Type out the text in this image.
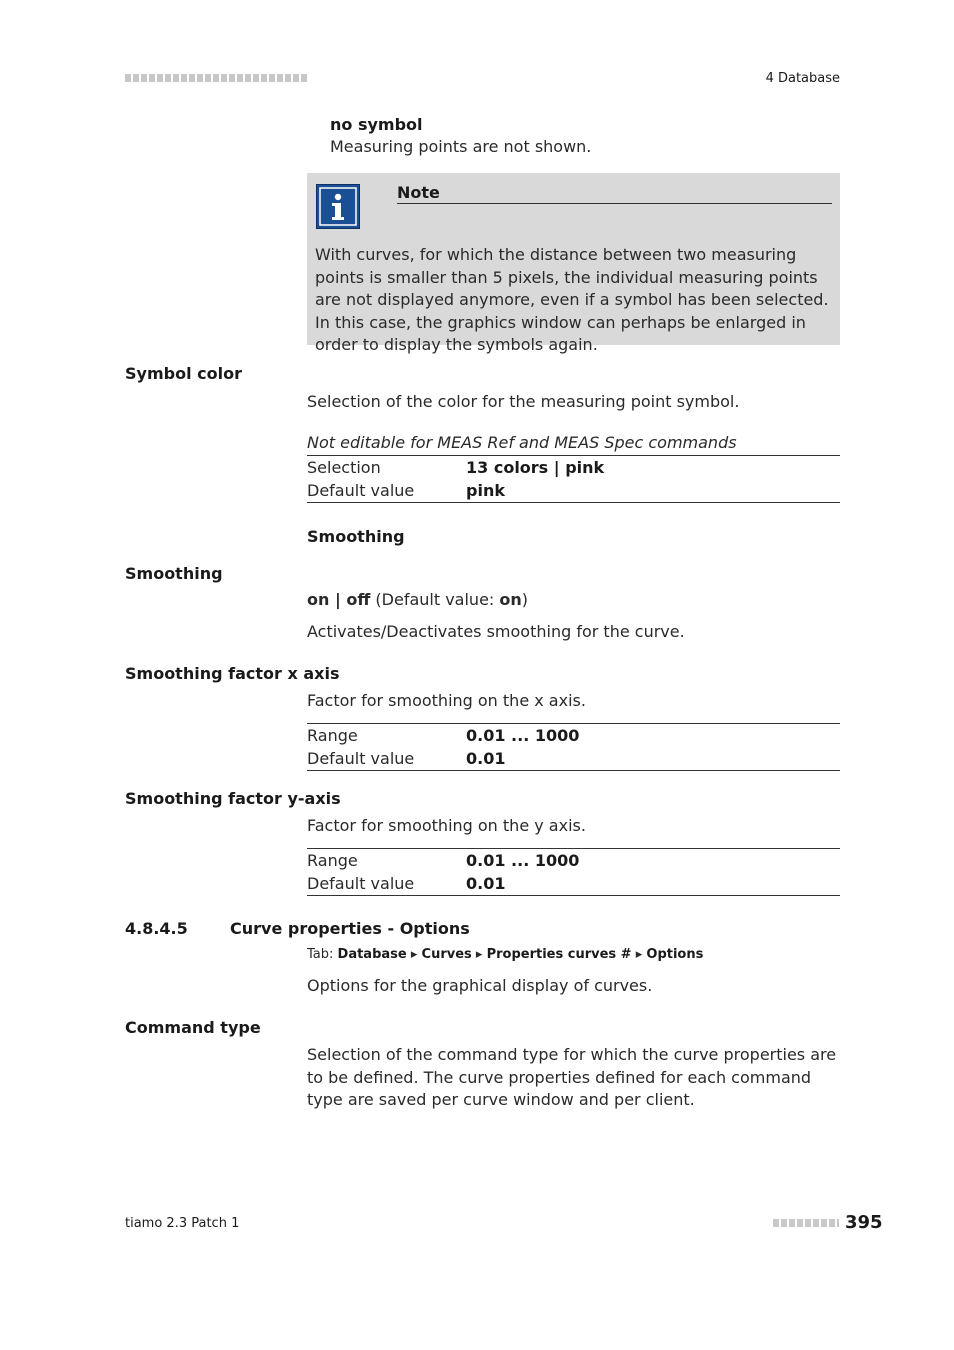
4 Database
no symbol
Measuring points are not shown.
Note
With curves, for which the distance between two measuring points is smaller than 5 pixels, the individual measuring points are not displayed anymore, even if a symbol has been selected. In this case, the graphics window can perhaps be enlarged in order to display the symbols again.
Symbol color
Selection of the color for the measuring point symbol.
Not editable for MEAS Ref and MEAS Spec commands
Selection	13 colors | pink
Default value	pink
Smoothing
Smoothing
on | off (Default value: on)
Activates/Deactivates smoothing for the curve.
Smoothing factor x axis
Factor for smoothing on the x axis.
Range	0.01 ... 1000
Default value	0.01
Smoothing factor y-axis
Factor for smoothing on the y axis.
Range	0.01 ... 1000
Default value	0.01
4.8.4.5	Curve properties - Options
Tab: Database ▸ Curves ▸ Properties curves # ▸ Options
Options for the graphical display of curves.
Command type
Selection of the command type for which the curve properties are to be defined. The curve properties defined for each command type are saved per curve window and per client.
tiamo 2.3 Patch 1	395
